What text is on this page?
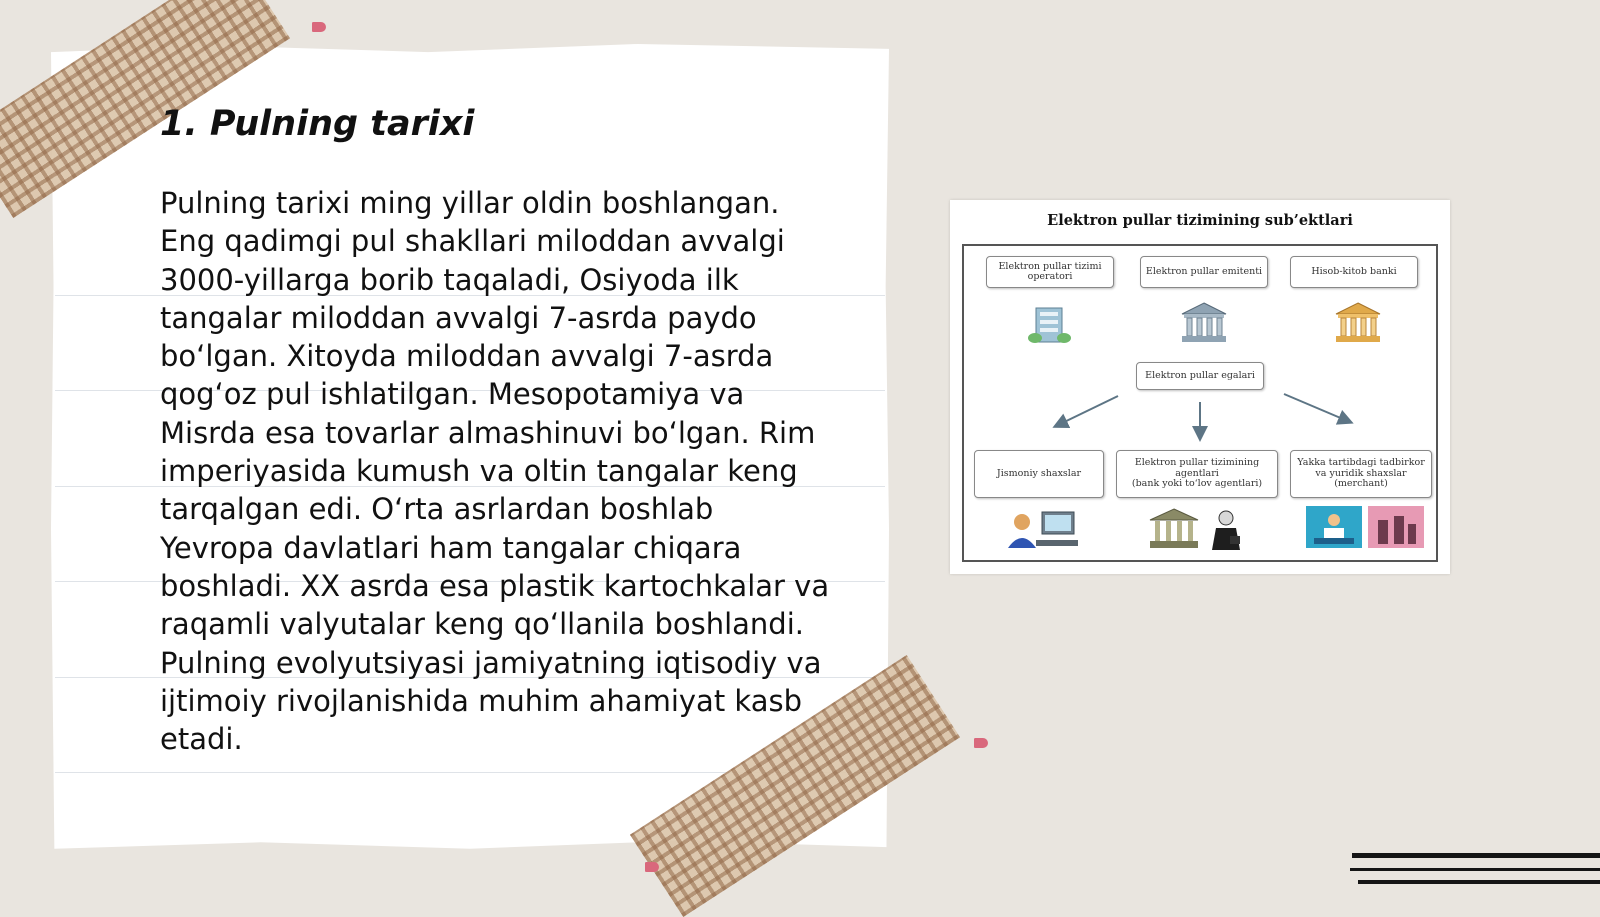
1. Pulning tarixi
Pulning tarixi ming yillar oldin boshlangan.
Eng qadimgi pul shakllari miloddan avvalgi
3000-yillarga borib taqaladi, Osiyoda ilk
tangalar miloddan avvalgi 7-asrda paydo
bo‘lgan. Xitoyda miloddan avvalgi 7-asrda
qog‘oz pul ishlatilgan. Mesopotamiya va
Misrda esa tovarlar almashinuvi bo‘lgan. Rim
imperiyasida kumush va oltin tangalar keng
tarqalgan edi. O‘rta asrlardan boshlab
Yevropa davlatlari ham tangalar chiqara
boshladi. XX asrda esa plastik kartochkalar va
raqamli valyutalar keng qo‘llanila boshlandi.
Pulning evolyutsiyasi jamiyatning iqtisodiy va
ijtimoiy rivojlanishida muhim ahamiyat kasb
etadi.
Elektron pullar tizimining sub’ektlari
Elektron pullar tizimi operatori	Elektron pullar emitenti	Hisob-kitob banki
Elektron pullar egalari
Jismoniy shaxslar
Elektron pullar tizimining
agentlari
(bank yoki to‘lov agentlari)
Yakka tartibdagi tadbirkor
va yuridik shaxslar
(merchant)
